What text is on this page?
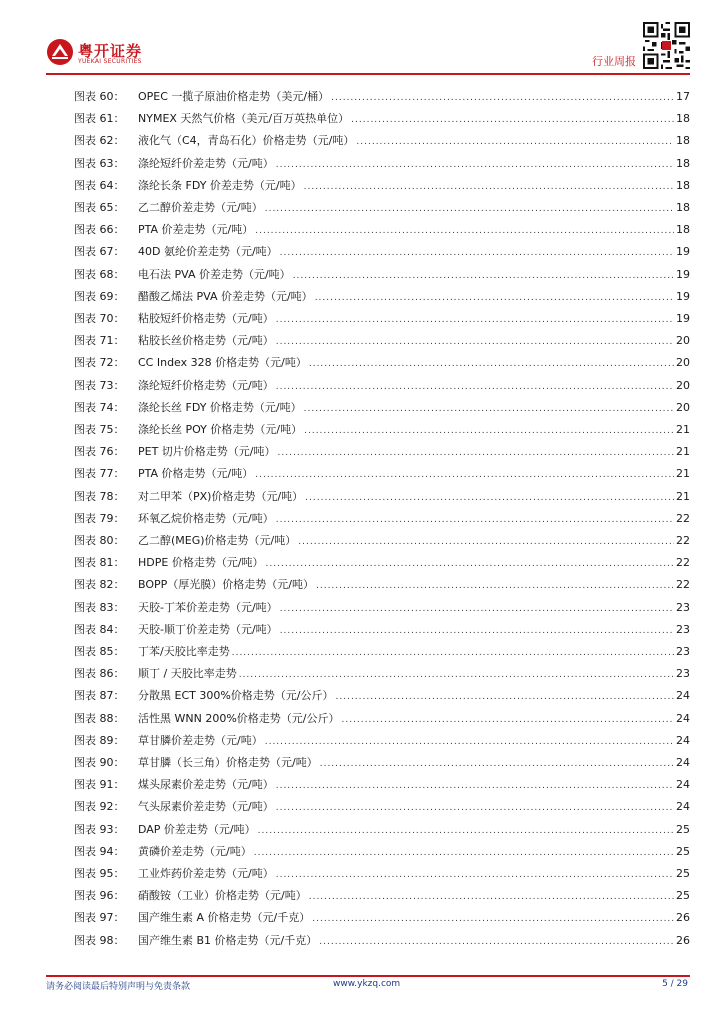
粤开证券
YUEKAI SECURITIES	行业周报
图表 60： OPEC 一揽子原油价格走势（美元/桶） .....	17
图表 61： NYMEX 天然气价格（美元/百万英热单位） .....	18
图表 62： 液化气（C4，青岛石化）价格走势（元/吨） .....	18
图表 63： 涤纶短纤价差走势（元/吨） .....	18
图表 64： 涤纶长条 FDY 价差走势（元/吨） .....	18
图表 65： 乙二醇价差走势（元/吨） .....	18
图表 66： PTA 价差走势（元/吨） .....	18
图表 67： 40D 氨纶价差走势（元/吨） .....	19
图表 68： 电石法 PVA 价差走势（元/吨） .....	19
图表 69： 醋酸乙烯法 PVA 价差走势（元/吨） .....	19
图表 70： 粘胶短纤价格走势（元/吨） .....	19
图表 71： 粘胶长丝价格走势（元/吨） .....	20
图表 72： CC Index 328 价格走势（元/吨） .....	20
图表 73： 涤纶短纤价格走势（元/吨） .....	20
图表 74： 涤纶长丝 FDY 价格走势（元/吨） .....	20
图表 75： 涤纶长丝 POY 价格走势（元/吨） .....	21
图表 76： PET 切片价格走势（元/吨） .....	21
图表 77： PTA 价格走势（元/吨） .....	21
图表 78： 对二甲苯（PX)价格走势（元/吨） .....	21
图表 79： 环氧乙烷价格走势（元/吨） .....	22
图表 80： 乙二醇(MEG)价格走势（元/吨） .....	22
图表 81： HDPE 价格走势（元/吨） .....	22
图表 82： BOPP（厚光膜）价格走势（元/吨） .....	22
图表 83： 天胶-丁苯价差走势（元/吨） .....	23
图表 84： 天胶-顺丁价差走势（元/吨） .....	23
图表 85： 丁苯/天胶比率走势 .....	23
图表 86： 顺丁 / 天胶比率走势 .....	23
图表 87： 分散黑 ECT 300%价格走势（元/公斤） .....	24
图表 88： 活性黑 WNN 200%价格走势（元/公斤） .....	24
图表 89： 草甘膦价差走势（元/吨） .....	24
图表 90： 草甘膦（长三角）价格走势（元/吨） .....	24
图表 91： 煤头尿素价差走势（元/吨） .....	24
图表 92： 气头尿素价差走势（元/吨） .....	24
图表 93： DAP 价差走势（元/吨） .....	25
图表 94： 黄磷价差走势（元/吨） .....	25
图表 95： 工业炸药价差走势（元/吨） .....	25
图表 96： 硝酸铵（工业）价格走势（元/吨） .....	25
图表 97： 国产维生素 A 价格走势（元/千克） .....	26
图表 98： 国产维生素 B1 价格走势（元/千克） .....	26
请务必阅读最后特别声明与免责条款	www.ykzq.com	5 / 29
